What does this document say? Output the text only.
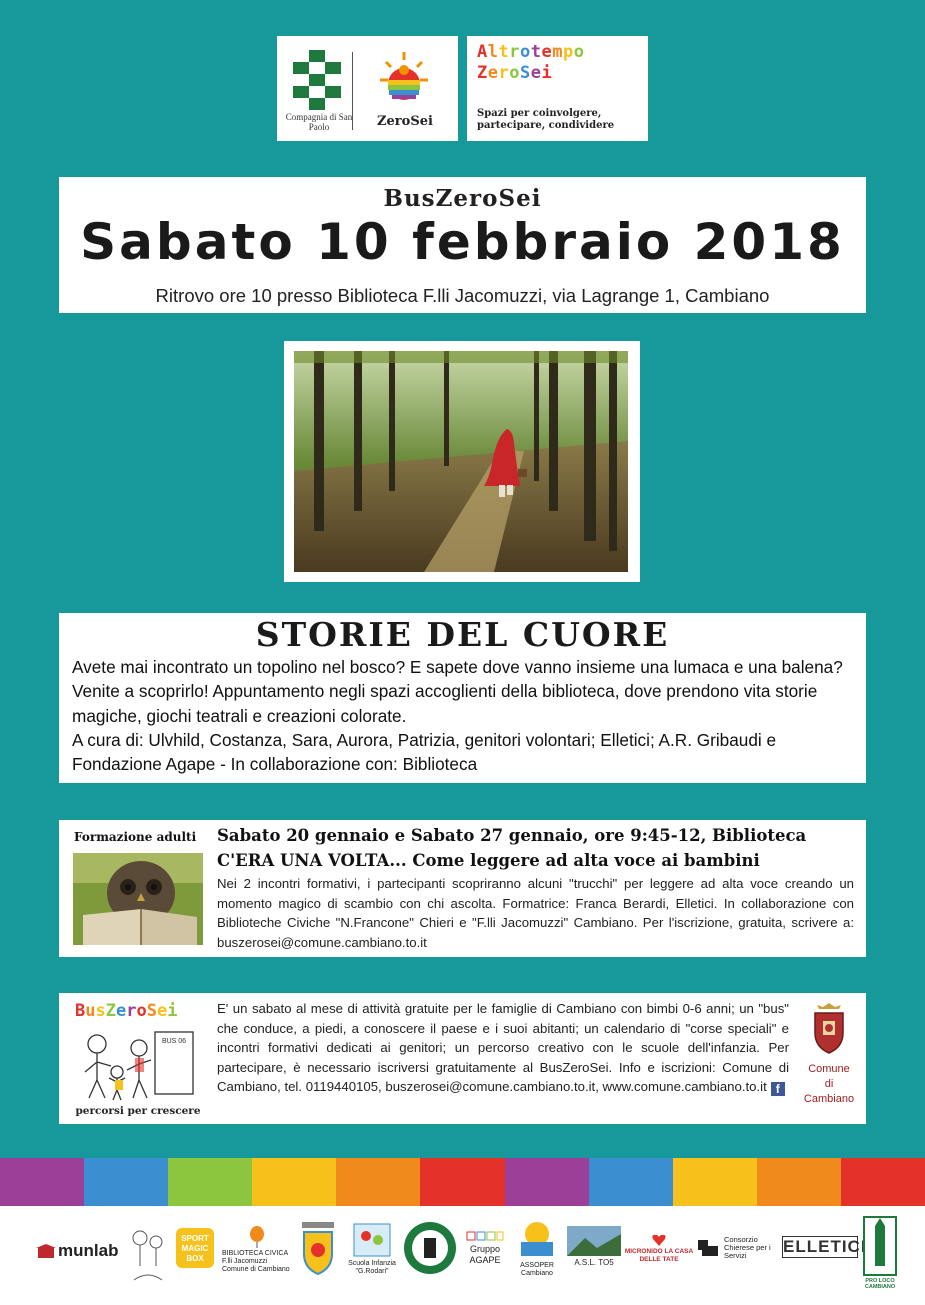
Compagnia di San Paolo	ZeroSei
Altrotempo
ZeroSei
Spazi per coinvolgere, partecipare, condividere
BusZeroSei
Sabato 10 febbraio 2018
Ritrovo ore 10 presso Biblioteca F.lli Jacomuzzi, via Lagrange 1, Cambiano
STORIE DEL CUORE
Avete mai incontrato un topolino nel bosco? E sapete dove vanno insieme una lumaca e una balena? Venite a scoprirlo! Appuntamento negli spazi accoglienti della biblioteca, dove prendono vita storie magiche, giochi teatrali e creazioni colorate.
A cura di: Ulvhild, Costanza, Sara, Aurora, Patrizia, genitori volontari; Elletici; A.R. Gribaudi e Fondazione Agape - In collaborazione con: Biblioteca
Formazione adulti Sabato 20 gennaio e Sabato 27 gennaio, ore 9:45-12, Biblioteca
C'ERA UNA VOLTA... Come leggere ad alta voce ai bambini
Nei 2 incontri formativi, i partecipanti scopriranno alcuni "trucchi" per leggere ad alta voce creando un momento magico di scambio con chi ascolta. Formatrice: Franca Berardi, Elletici. In collaborazione con Biblioteche Civiche "N.Francone" Chieri e "F.lli Jacomuzzi" Cambiano. Per l'iscrizione, gratuita, scrivere a: buszerosei@comune.cambiano.to.it
BusZeroSei
BUS 06
percorsi per crescere
E' un sabato al mese di attività gratuite per le famiglie di Cambiano con bimbi 0-6 anni; un "bus" che conduce, a piedi, a conoscere il paese e i suoi abitanti; un calendario di "corse speciali" e incontri formativi dedicati ai genitori; un percorso creativo con le scuole dell'infanzia. Per partecipare, è necessario iscriversi gratuitamente al BusZeroSei. Info e iscrizioni: Comune di Cambiano, tel. 0119440105, buszerosei@comune.cambiano.to.it, www.comune.cambiano.to.it f
Comune
di
Cambiano
munlab
SPORT MAGIC BOX
BIBLIOTECA CIVICA F.lli Jacomuzzi Comune di Cambiano
Scuola Infanzia "G.Rodari"
Gruppo AGAPE
ASSOPER Cambiano
A.S.L. TO5
MICRONIDO LA CASA DELLE TATE
Consorzio Chierese per i Servizi	ELLETICI
PRO LOCO CAMBIANO
